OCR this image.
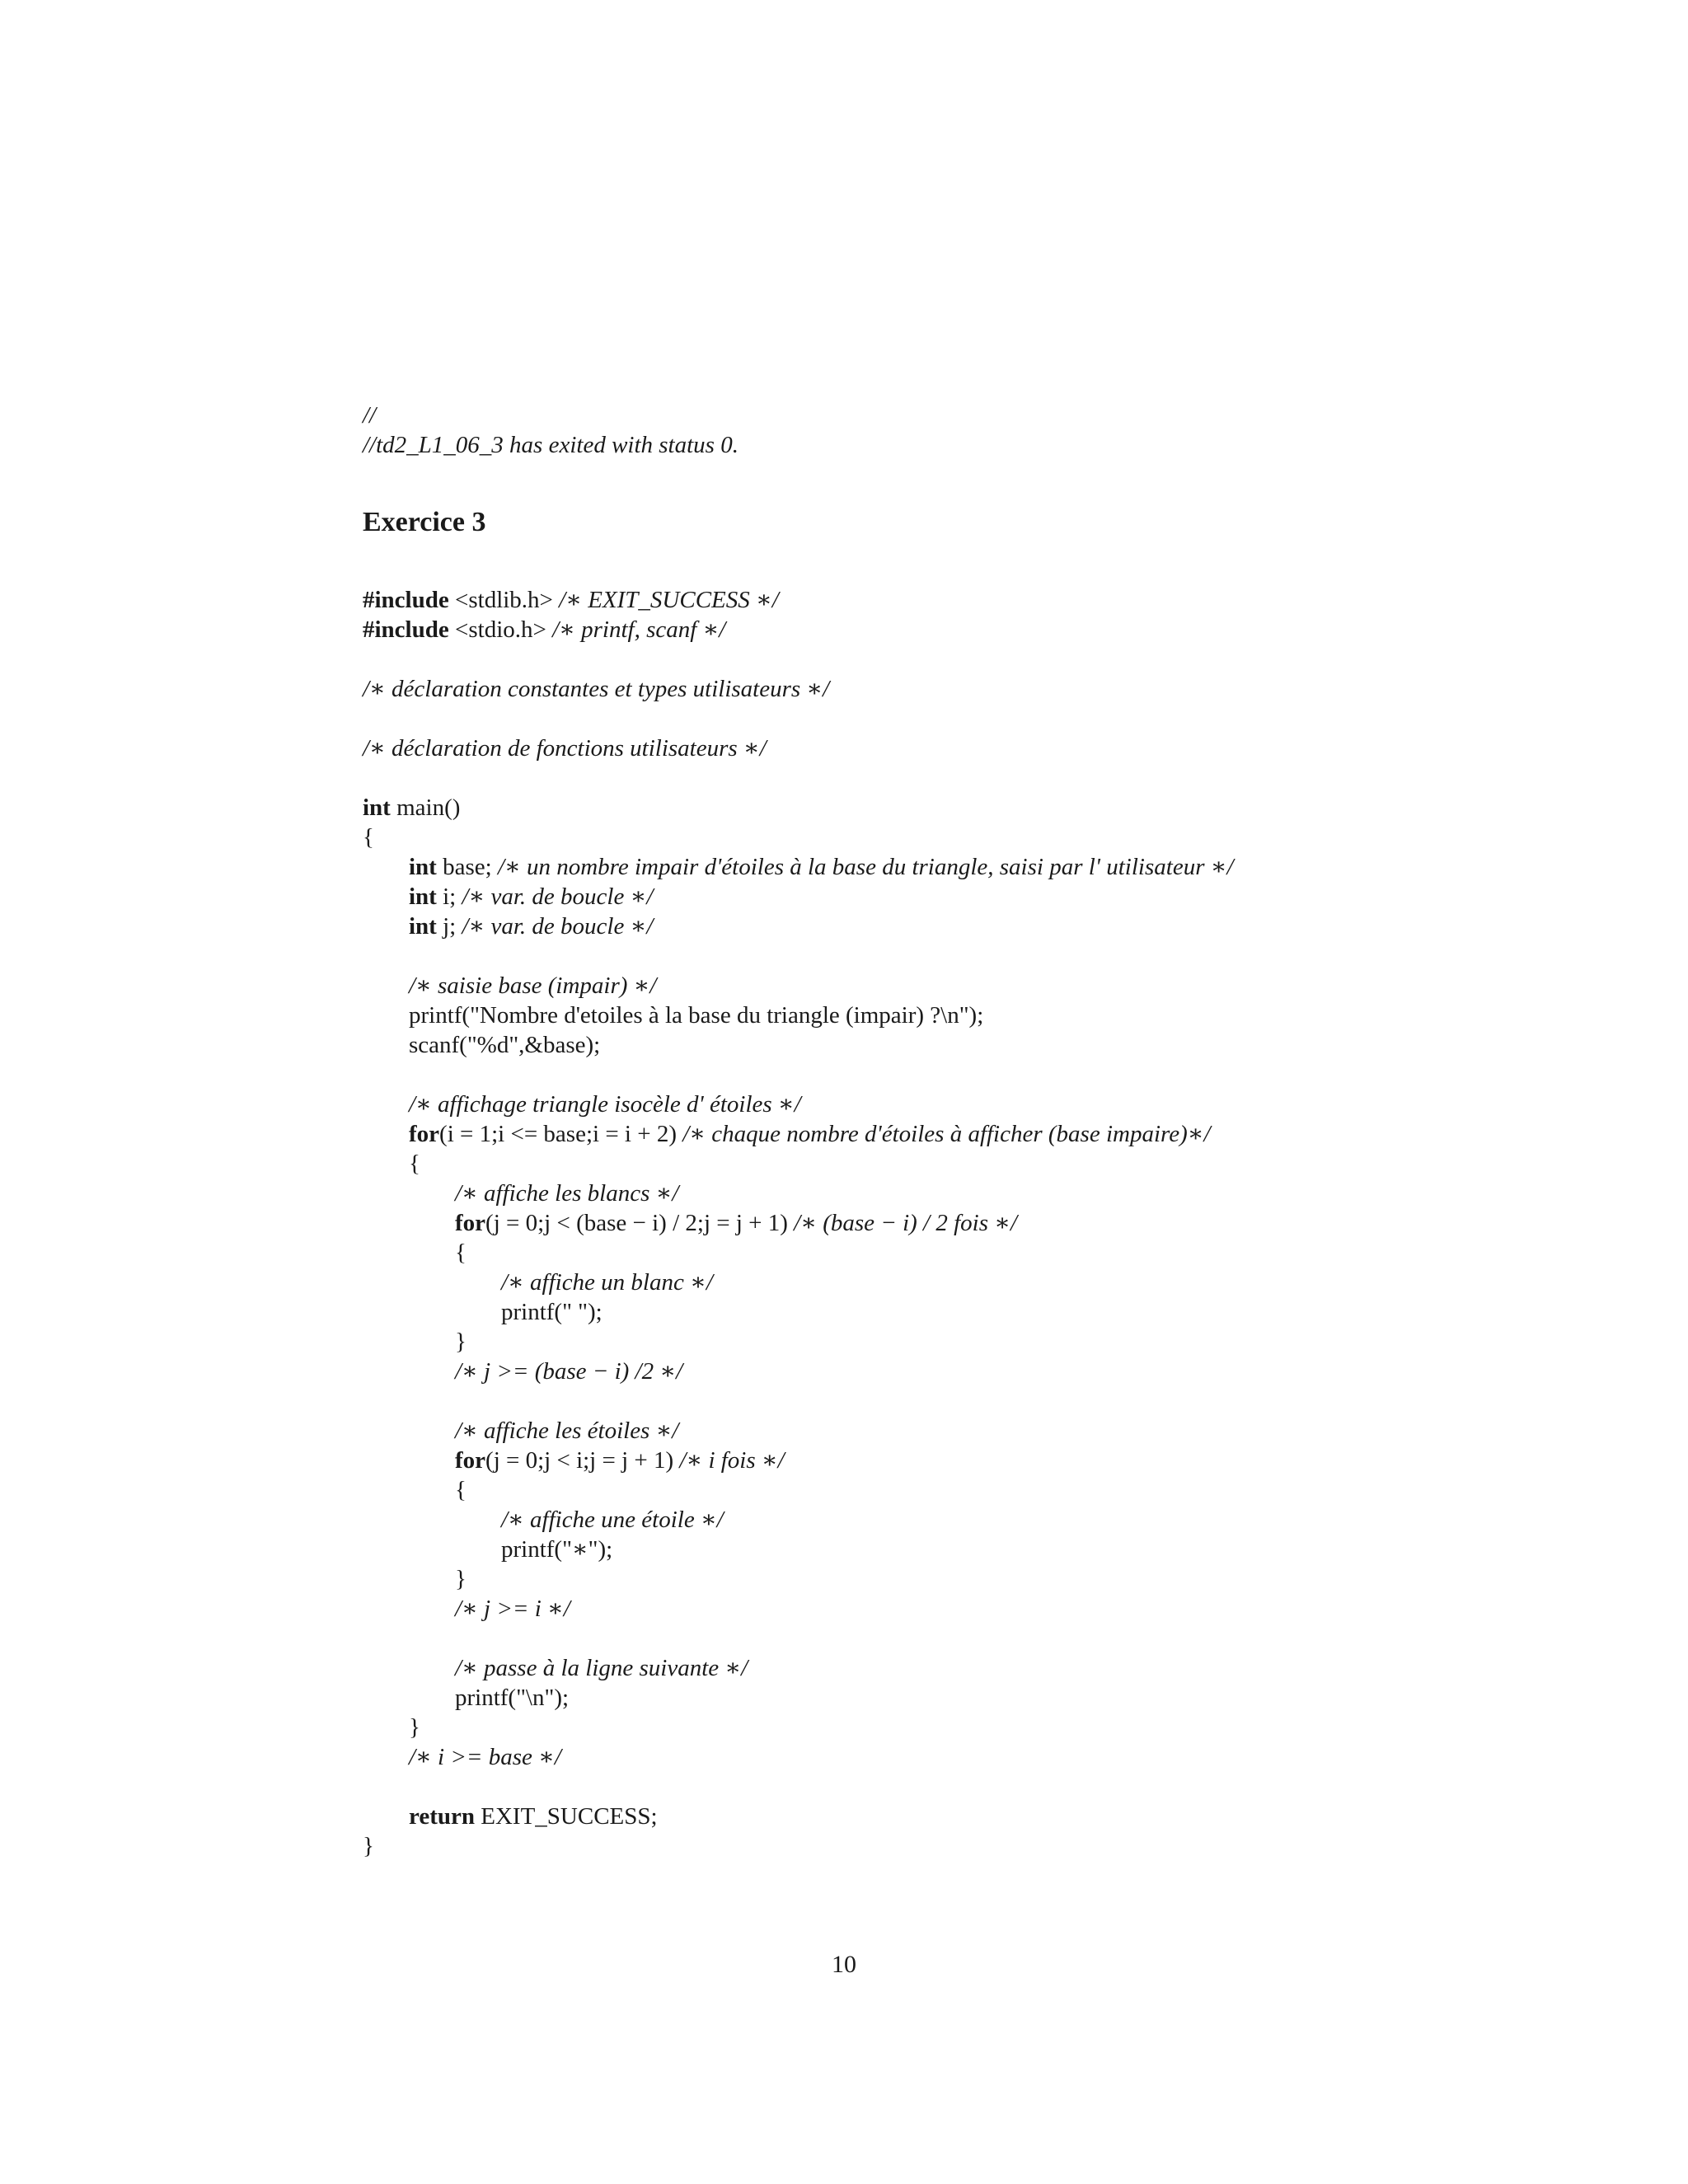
//
//td2_L1_06_3 has exited with status 0.
Exercice 3
#include <stdlib.h> /∗ EXIT_SUCCESS ∗/
#include <stdio.h> /∗ printf, scanf ∗/
/∗ déclaration constantes et types utilisateurs ∗/
/∗ déclaration de fonctions utilisateurs ∗/
int main()
{
int base; /∗ un nombre impair d'étoiles à la base du triangle, saisi par l' utilisateur ∗/
int i; /∗ var. de boucle ∗/
int j; /∗ var. de boucle ∗/
/∗ saisie base (impair) ∗/
printf("Nombre d'etoiles à la base du triangle (impair) ?\n");
scanf("%d",&base);
/∗ affichage triangle isocèle d' étoiles ∗/
for(i = 1;i <= base;i = i + 2) /∗ chaque nombre d'étoiles à afficher (base impaire)∗/
{
/∗ affiche les blancs ∗/
for(j = 0;j < (base − i) / 2;j = j + 1) /∗ (base − i) / 2 fois ∗/
{
/∗ affiche un blanc ∗/
printf(" ");
}
/∗ j >= (base − i) /2 ∗/
/∗ affiche les étoiles ∗/
for(j = 0;j < i;j = j + 1) /∗ i fois ∗/
{
/∗ affiche une étoile ∗/
printf("∗");
}
/∗ j >= i ∗/
/∗ passe à la ligne suivante ∗/
printf("\n");
}
/∗ i >= base ∗/
return EXIT_SUCCESS;
}
10
